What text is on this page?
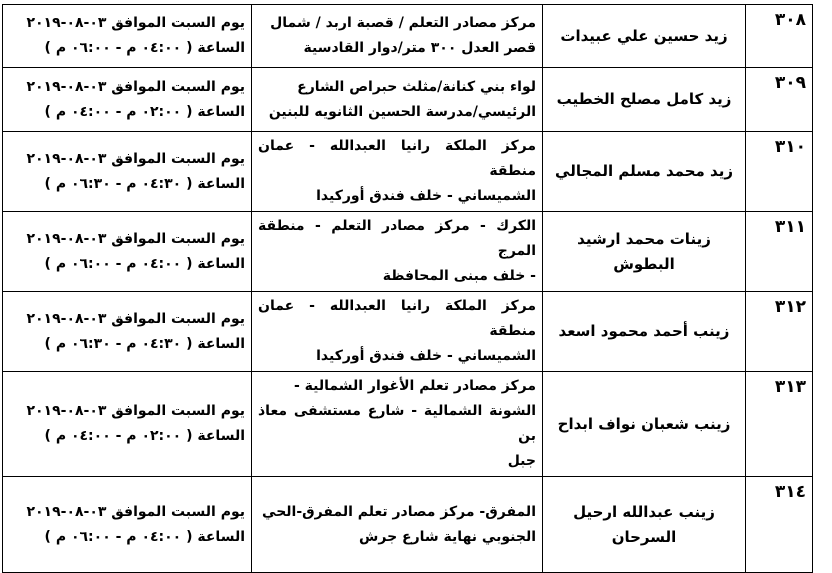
٣٠٨	زيد حسين علي عبيدات	مركز مصادر التعلم / قصبة اربد / شمال
قصر العدل ٣٠٠ متر/دوار القادسية	يوم السبت الموافق ٠٣-٠٨-٢٠١٩
الساعة ( ٠٤:٠٠ م - ٠٦:٠٠ م )

٣٠٩	زيد كامل مصلح الخطيب	لواء بني كنانة/مثلث حبراص الشارع
الرئيسي/مدرسة الحسين الثانويه للبنين	يوم السبت الموافق ٠٣-٠٨-٢٠١٩
الساعة ( ٠٢:٠٠ م - ٠٤:٠٠ م )

٣١٠	زيد محمد مسلم المجالي	مركز الملكة رانيا العبدالله - عمان منطقة
الشميساني - خلف فندق أوركيدا	يوم السبت الموافق ٠٣-٠٨-٢٠١٩
الساعة ( ٠٤:٣٠ م - ٠٦:٣٠ م )

٣١١	زينات محمد ارشيد البطوش	الكرك - مركز مصادر التعلم - منطقة المرج
- خلف مبنى المحافظة	يوم السبت الموافق ٠٣-٠٨-٢٠١٩
الساعة ( ٠٤:٠٠ م - ٠٦:٠٠ م )

٣١٢	زينب أحمد محمود اسعد	مركز الملكة رانيا العبدالله - عمان منطقة
الشميساني - خلف فندق أوركيدا	يوم السبت الموافق ٠٣-٠٨-٢٠١٩
الساعة ( ٠٤:٣٠ م - ٠٦:٣٠ م )

٣١٣	زينب شعبان نواف ابداح	مركز مصادر تعلم الأغوار الشمالية -
الشونة الشمالية - شارع مستشفى معاذ بن
جبل	يوم السبت الموافق ٠٣-٠٨-٢٠١٩
الساعة ( ٠٢:٠٠ م - ٠٤:٠٠ م )

٣١٤	زينب عبدالله ارحيل السرحان	المفرق- مركز مصادر تعلم المفرق-الحي
الجنوبي نهاية شارع جرش	يوم السبت الموافق ٠٣-٠٨-٢٠١٩
الساعة ( ٠٤:٠٠ م - ٠٦:٠٠ م )
